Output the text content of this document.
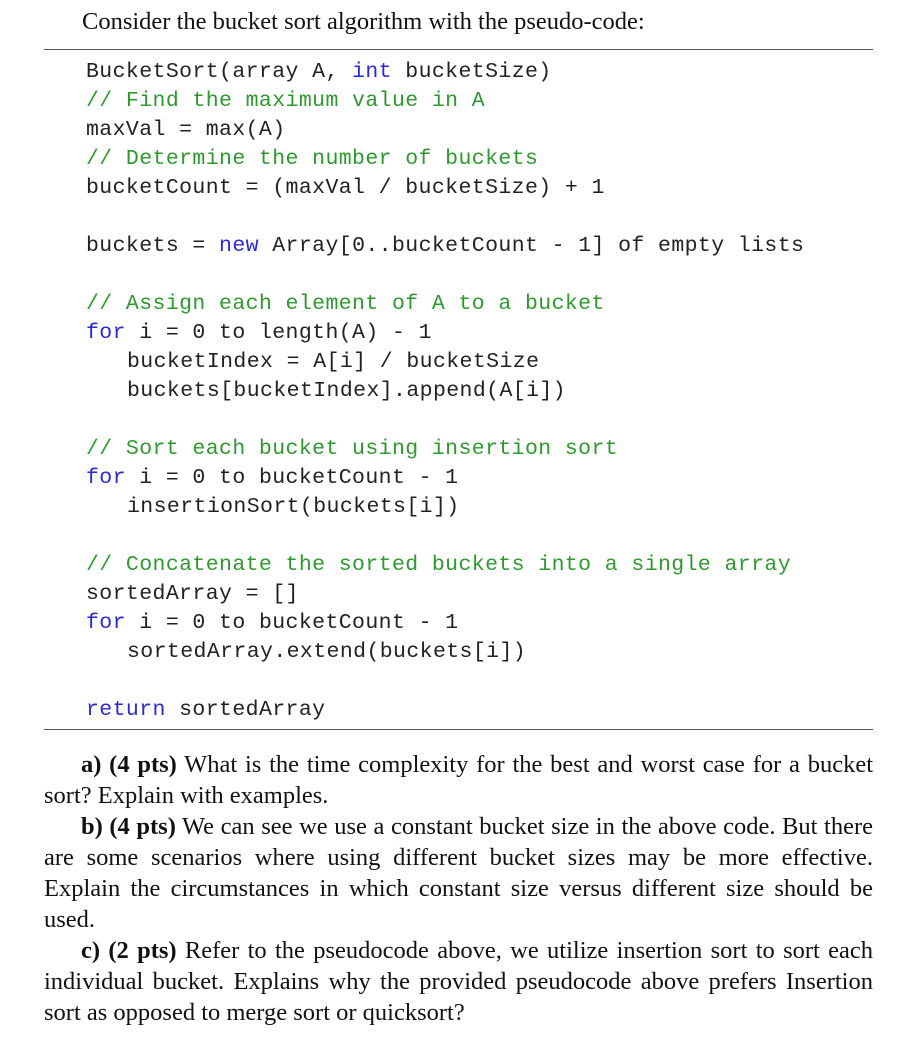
Consider the bucket sort algorithm with the pseudo-code:
BucketSort(array A, int bucketSize)
// Find the maximum value in A
maxVal = max(A)
// Determine the number of buckets
bucketCount = (maxVal / bucketSize) + 1
buckets = new Array[0..bucketCount - 1] of empty lists
// Assign each element of A to a bucket
for i = 0 to length(A) - 1
bucketIndex = A[i] / bucketSize
buckets[bucketIndex].append(A[i])
// Sort each bucket using insertion sort
for i = 0 to bucketCount - 1
insertionSort(buckets[i])
// Concatenate the sorted buckets into a single array
sortedArray = []
for i = 0 to bucketCount - 1
sortedArray.extend(buckets[i])
return sortedArray

a) (4 pts) What is the time complexity for the best and worst case for a bucket sort? Explain with examples.

b) (4 pts) We can see we use a constant bucket size in the above code. But there are some scenarios where using different bucket sizes may be more effective. Explain the circumstances in which constant size versus different size should be used.

c) (2 pts) Refer to the pseudocode above, we utilize insertion sort to sort each individual bucket. Explains why the provided pseudocode above prefers Insertion sort as opposed to merge sort or quicksort?
